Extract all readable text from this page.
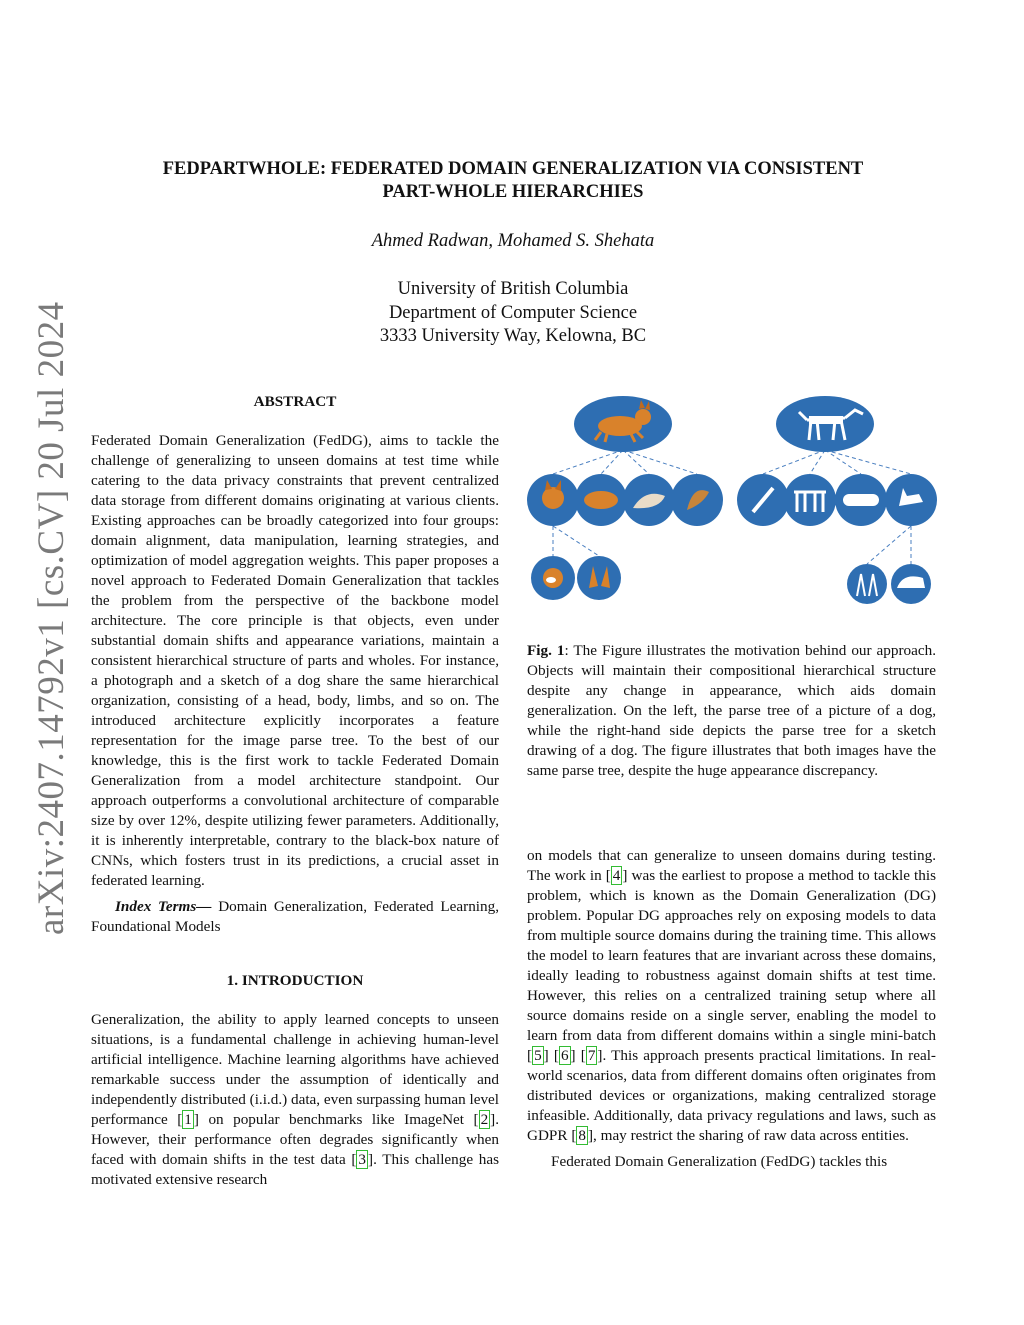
arXiv:2407.14792v1 [cs.CV] 20 Jul 2024
FEDPARTWHOLE: FEDERATED DOMAIN GENERALIZATION VIA CONSISTENT
PART-WHOLE HIERARCHIES
Ahmed Radwan, Mohamed S. Shehata
University of British Columbia
Department of Computer Science
3333 University Way, Kelowna, BC
ABSTRACT

Federated Domain Generalization (FedDG), aims to tackle the challenge of generalizing to unseen domains at test time while catering to the data privacy constraints that prevent centralized data storage from different domains originating at various clients. Existing approaches can be broadly categorized into four groups: domain alignment, data manipulation, learning strategies, and optimization of model aggregation weights. This paper proposes a novel approach to Federated Domain Generalization that tackles the problem from the perspective of the backbone model architecture. The core principle is that objects, even under substantial domain shifts and appearance variations, maintain a consistent hierarchical structure of parts and wholes. For instance, a photograph and a sketch of a dog share the same hierarchical organization, consisting of a head, body, limbs, and so on. The introduced architecture explicitly incorporates a feature representation for the image parse tree. To the best of our knowledge, this is the first work to tackle Federated Domain Generalization from a model architecture standpoint. Our approach outperforms a convolutional architecture of comparable size by over 12%, despite utilizing fewer parameters. Additionally, it is inherently interpretable, contrary to the black-box nature of CNNs, which fosters trust in its predictions, a crucial asset in federated learning.

Index Terms— Domain Generalization, Federated Learning, Foundational Models

1. INTRODUCTION

Generalization, the ability to apply learned concepts to unseen situations, is a fundamental challenge in achieving human-level artificial intelligence. Machine learning algorithms have achieved remarkable success under the assumption of identically and independently distributed (i.i.d.) data, even surpassing human level performance [ 1 ] on popular benchmarks like ImageNet [ 2 ]. However, their performance often degrades significantly when faced with domain shifts in the test data [ 3 ]. This challenge has motivated extensive research

Fig. 1: The Figure illustrates the motivation behind our approach. Objects will maintain their compositional hierarchical structure despite any change in appearance, which aids domain generalization. On the left, the parse tree of a picture of a dog, while the right-hand side depicts the parse tree for a sketch drawing of a dog. The figure illustrates that both images have the same parse tree, despite the huge appearance discrepancy.

on models that can generalize to unseen domains during testing. The work in [ 4 ] was the earliest to propose a method to tackle this problem, which is known as the Domain Generalization (DG) problem. Popular DG approaches rely on exposing models to data from multiple source domains during the training time. This allows the model to learn features that are invariant across these domains, ideally leading to robustness against domain shifts at test time. However, this relies on a centralized training setup where all source domains reside on a single server, enabling the model to learn from data from different domains within a single mini-batch [ 5 ] [ 6 ] [ 7 ]. This approach presents practical limitations. In real-world scenarios, data from different domains often originates from distributed devices or organizations, making centralized storage infeasible. Additionally, data privacy regulations and laws, such as GDPR [ 8 ], may restrict the sharing of raw data across entities.

Federated Domain Generalization (FedDG) tackles this
